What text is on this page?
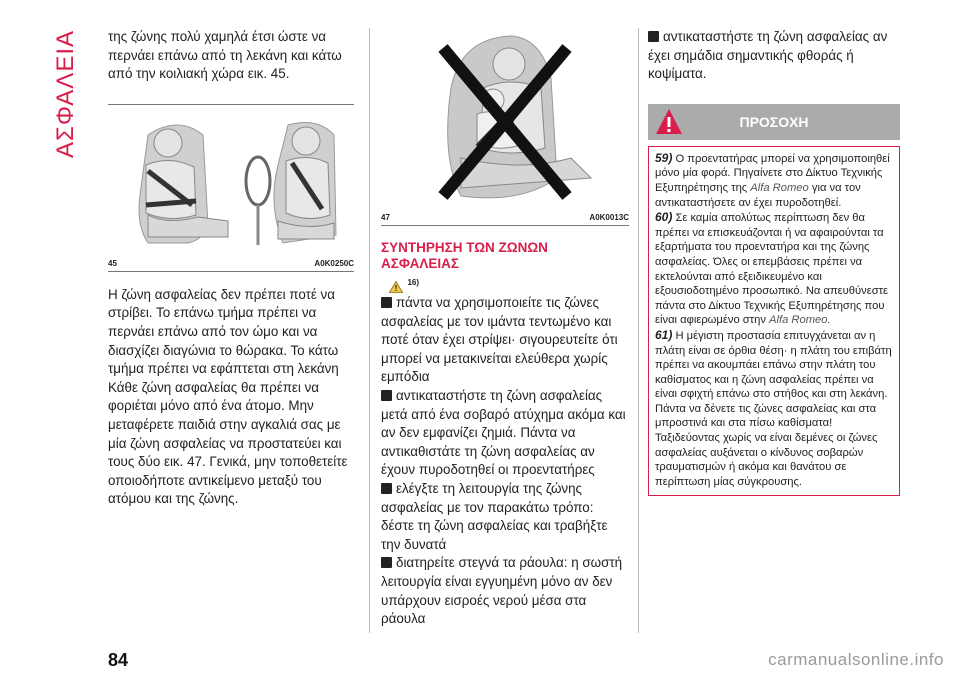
ΑΣΦΑΛΕΙΑ της ζώνης πολύ χαμηλά έτσι ώστε να περνάει επάνω από τη λεκάνη και κάτω από την κοιλιακή χώρα εικ. 45.

45	A0K0250C

Η ζώνη ασφαλείας δεν πρέπει ποτέ να στρίβει. Το επάνω τμήμα πρέπει να περνάει επάνω από τον ώμο και να διασχίζει διαγώνια το θώρακα. Το κάτω τμήμα πρέπει να εφάπτεται στη λεκάνη Κάθε ζώνη ασφαλείας θα πρέπει να φοριέται μόνο από ένα άτομο. Μην μεταφέρετε παιδιά στην αγκαλιά σας με μία ζώνη ασφαλείας να προστατεύει και τους δύο εικ. 47. Γενικά, μην τοποθετείτε οποιοδήποτε αντικείμενο μεταξύ του ατόμου και της ζώνης.

47	A0K0013C
ΣΥΝΤΗΡΗΣΗ ΤΩΝ ΖΩΝΩΝ ΑΣΦΑΛΕΙΑΣ
!
$^{16)}$

πάντα να χρησιμοποιείτε τις ζώνες ασφαλείας με τον ιμάντα τεντωμένο και ποτέ όταν έχει στρίψει· σιγουρευτείτε ότι μπορεί να μετακινείται ελεύθερα χωρίς εμπόδια

αντικαταστήστε τη ζώνη ασφαλείας μετά από ένα σοβαρό ατύχημα ακόμα και αν δεν εμφανίζει ζημιά. Πάντα να αντικαθιστάτε τη ζώνη ασφαλείας αν έχουν πυροδοτηθεί οι προεντατήρες

ελέγξτε τη λειτουργία της ζώνης ασφαλείας με τον παρακάτω τρόπο: δέστε τη ζώνη ασφαλείας και τραβήξτε την δυνατά

διατηρείτε στεγνά τα ράουλα: η σωστή λειτουργία είναι εγγυημένη μόνο αν δεν υπάρχουν εισροές νερού μέσα στα ράουλα

αντικαταστήστε τη ζώνη ασφαλείας αν έχει σημάδια σημαντικής φθοράς ή κοψίματα.

ΠΡΟΣΟΧΗ

59) Ο προεντατήρας μπορεί να χρησιμοποιηθεί μόνο μία φορά. Πηγαίνετε στο Δίκτυο Τεχνικής Εξυπηρέτησης της Alfa Romeo για να τον αντικαταστήσετε αν έχει πυροδοτηθεί.

60) Σε καμία απολύτως περίπτωση δεν θα πρέπει να επισκευάζονται ή να αφαιρούνται τα εξαρτήματα του προεντατήρα και της ζώνης ασφαλείας. Όλες οι επεμβάσεις πρέπει να εκτελούνται από εξειδικευμένο και εξουσιοδοτημένο προσωπικό. Να απευθύνεστε πάντα στο Δίκτυο Τεχνικής Εξυπηρέτησης που είναι αφιερωμένο στην Alfa Romeo.

61) Η μέγιστη προστασία επιτυγχάνεται αν η πλάτη είναι σε όρθια θέση· η πλάτη του επιβάτη πρέπει να ακουμπάει επάνω στην πλάτη του καθίσματος και η ζώνη ασφαλείας πρέπει να είναι σφιχτή επάνω στο στήθος και στη λεκάνη. Πάντα να δένετε τις ζώνες ασφαλείας και στα μπροστινά και στα πίσω καθίσματα! Ταξιδεύοντας χωρίς να είναι δεμένες οι ζώνες ασφαλείας αυξάνεται ο κίνδυνος σοβαρών τραυματισμών ή ακόμα και θανάτου σε περίπτωση μίας σύγκρουσης.

84	carmanualsonline.info
